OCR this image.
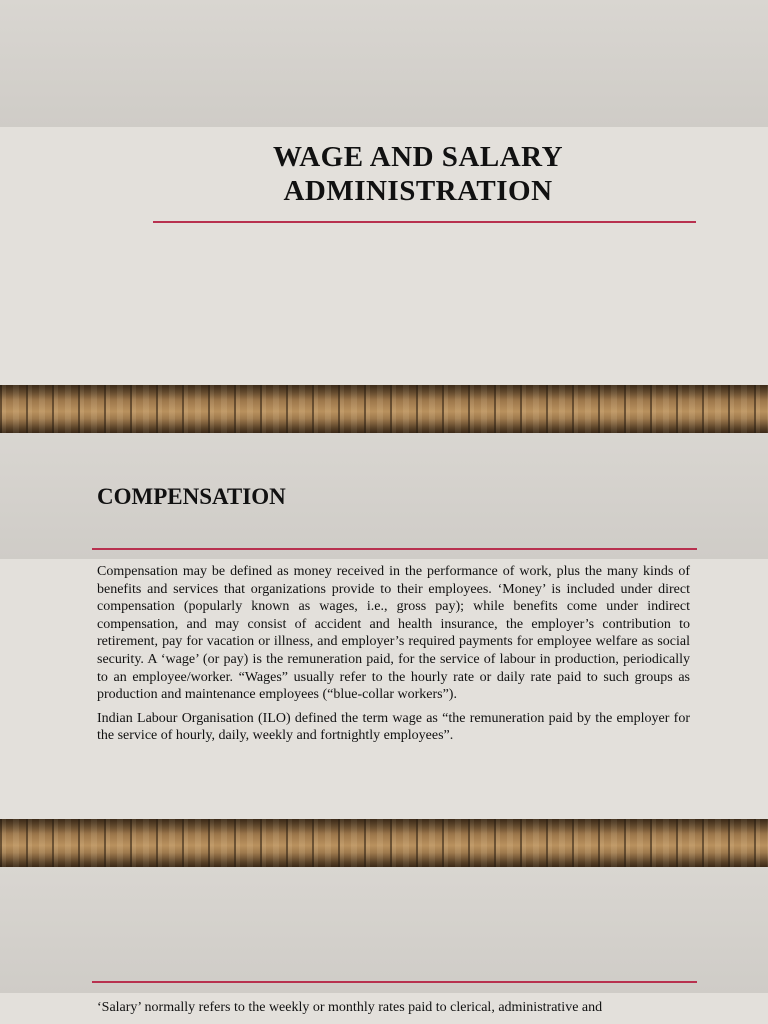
WAGE AND SALARY
ADMINISTRATION
COMPENSATION

Compensation may be defined as money received in the performance of work, plus the many kinds of benefits and services that organizations provide to their employees. ‘Money’ is included under direct compensation (popularly known as wages, i.e., gross pay); while benefits come under indirect compensation, and may consist of accident and health insurance, the employer’s contribution to retirement, pay for vacation or illness, and employer’s required payments for employee welfare as social security. A ‘wage’ (or pay) is the remuneration paid, for the service of labour in production, periodically to an employee/worker. “Wages” usually refer to the hourly rate or daily rate paid to such groups as production and maintenance employees (“blue-collar workers”).

Indian Labour Organisation (ILO) defined the term wage as “the remuneration paid by the employer for the service of hourly, daily, weekly and fortnightly employees”.

‘Salary’ normally refers to the weekly or monthly rates paid to clerical, administrative and
